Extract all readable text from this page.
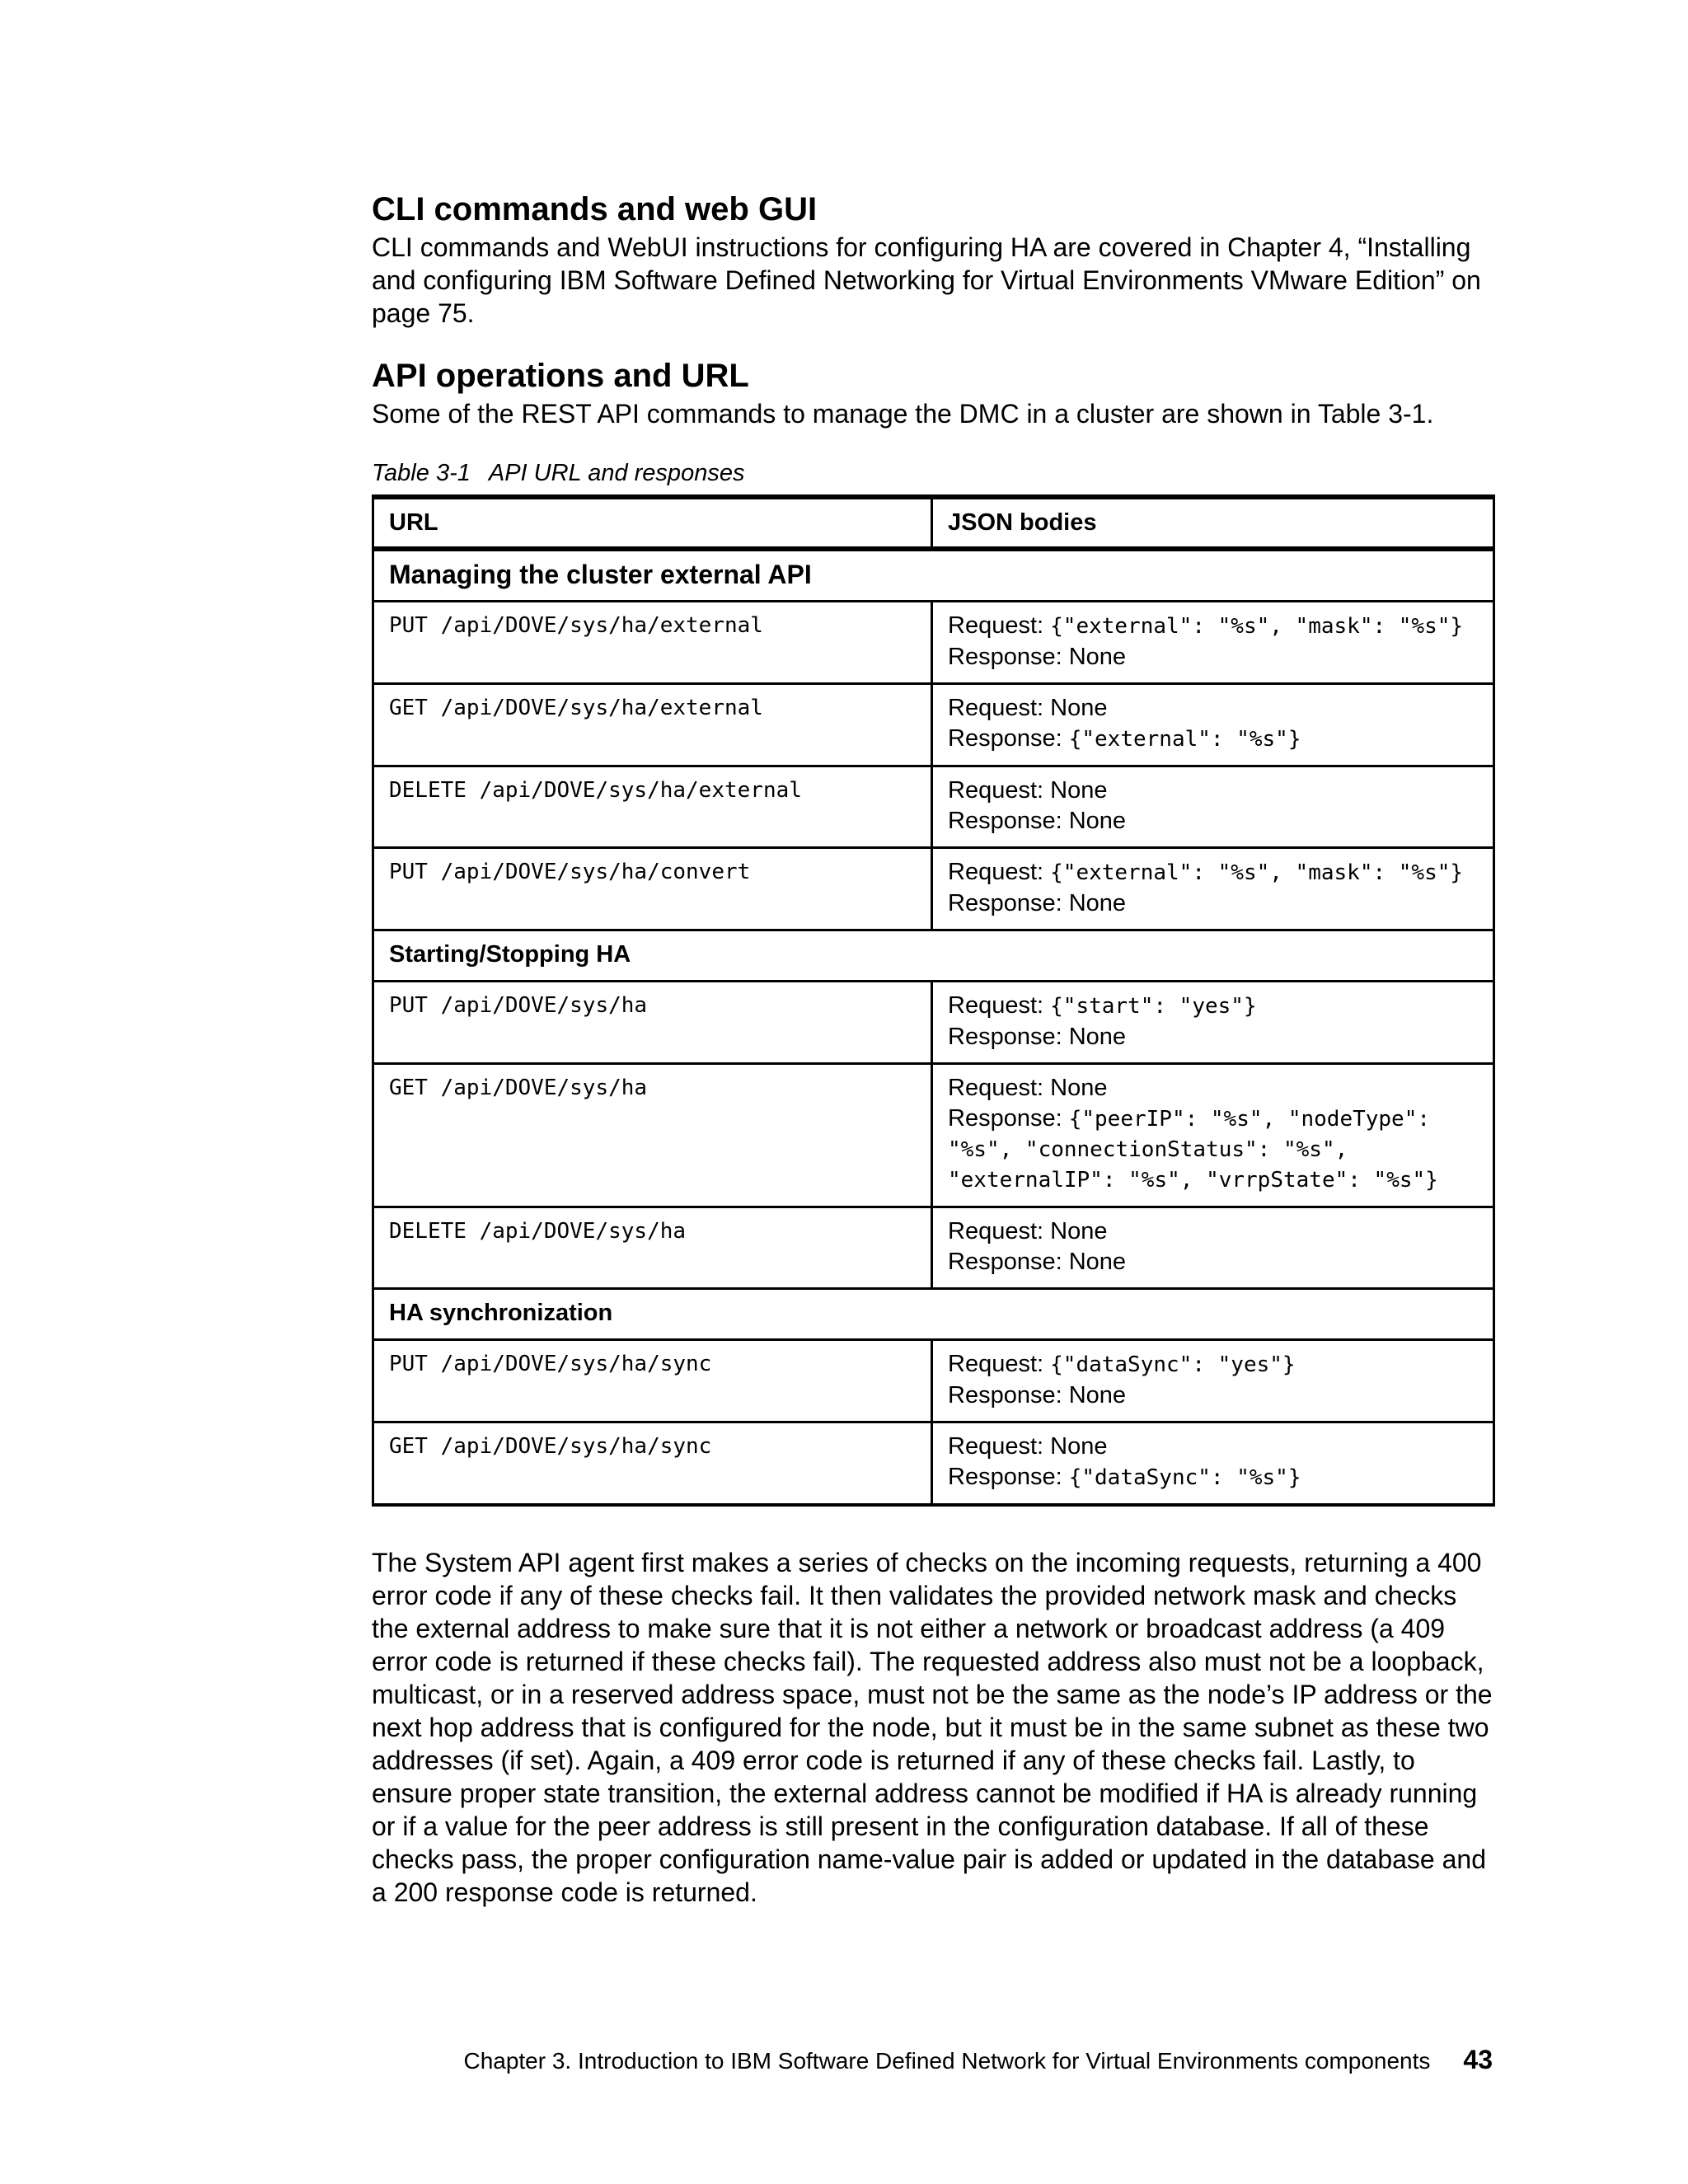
CLI commands and web GUI

CLI commands and WebUI instructions for configuring HA are covered in Chapter 4, “Installing and configuring IBM Software Defined Networking for Virtual Environments VMware Edition” on page 75.

API operations and URL

Some of the REST API commands to manage the DMC in a cluster are shown in Table 3-1.

Table 3-1 API URL and responses
URL	JSON bodies
Managing the cluster external API	
PUT /api/DOVE/sys/ha/external	Request: {"external": "%s", "mask": "%s"}
Response: None

GET /api/DOVE/sys/ha/external	Request: None
Response: {"external": "%s"}

DELETE /api/DOVE/sys/ha/external	Request: None
Response: None

PUT /api/DOVE/sys/ha/convert	Request: {"external": "%s", "mask": "%s"}
Response: None

Starting/Stopping HA	
PUT /api/DOVE/sys/ha	Request: {"start": "yes"}
Response: None

GET /api/DOVE/sys/ha	Request: None
Response: {"peerIP": "%s", "nodeType":
"%s", "connectionStatus": "%s",
"externalIP": "%s", "vrrpState": "%s"}

DELETE /api/DOVE/sys/ha	Request: None
Response: None

HA synchronization	
PUT /api/DOVE/sys/ha/sync	Request: {"dataSync": "yes"}
Response: None

GET /api/DOVE/sys/ha/sync	Request: None
Response: {"dataSync": "%s"}

The System API agent first makes a series of checks on the incoming requests, returning a 400 error code if any of these checks fail. It then validates the provided network mask and checks the external address to make sure that it is not either a network or broadcast address (a 409 error code is returned if these checks fail). The requested address also must not be a loopback, multicast, or in a reserved address space, must not be the same as the node’s IP address or the next hop address that is configured for the node, but it must be in the same subnet as these two addresses (if set). Again, a 409 error code is returned if any of these checks fail. Lastly, to ensure proper state transition, the external address cannot be modified if HA is already running or if a value for the peer address is still present in the configuration database. If all of these checks pass, the proper configuration name-value pair is added or updated in the database and a 200 response code is returned.

Chapter 3. Introduction to IBM Software Defined Network for Virtual Environments components 43
